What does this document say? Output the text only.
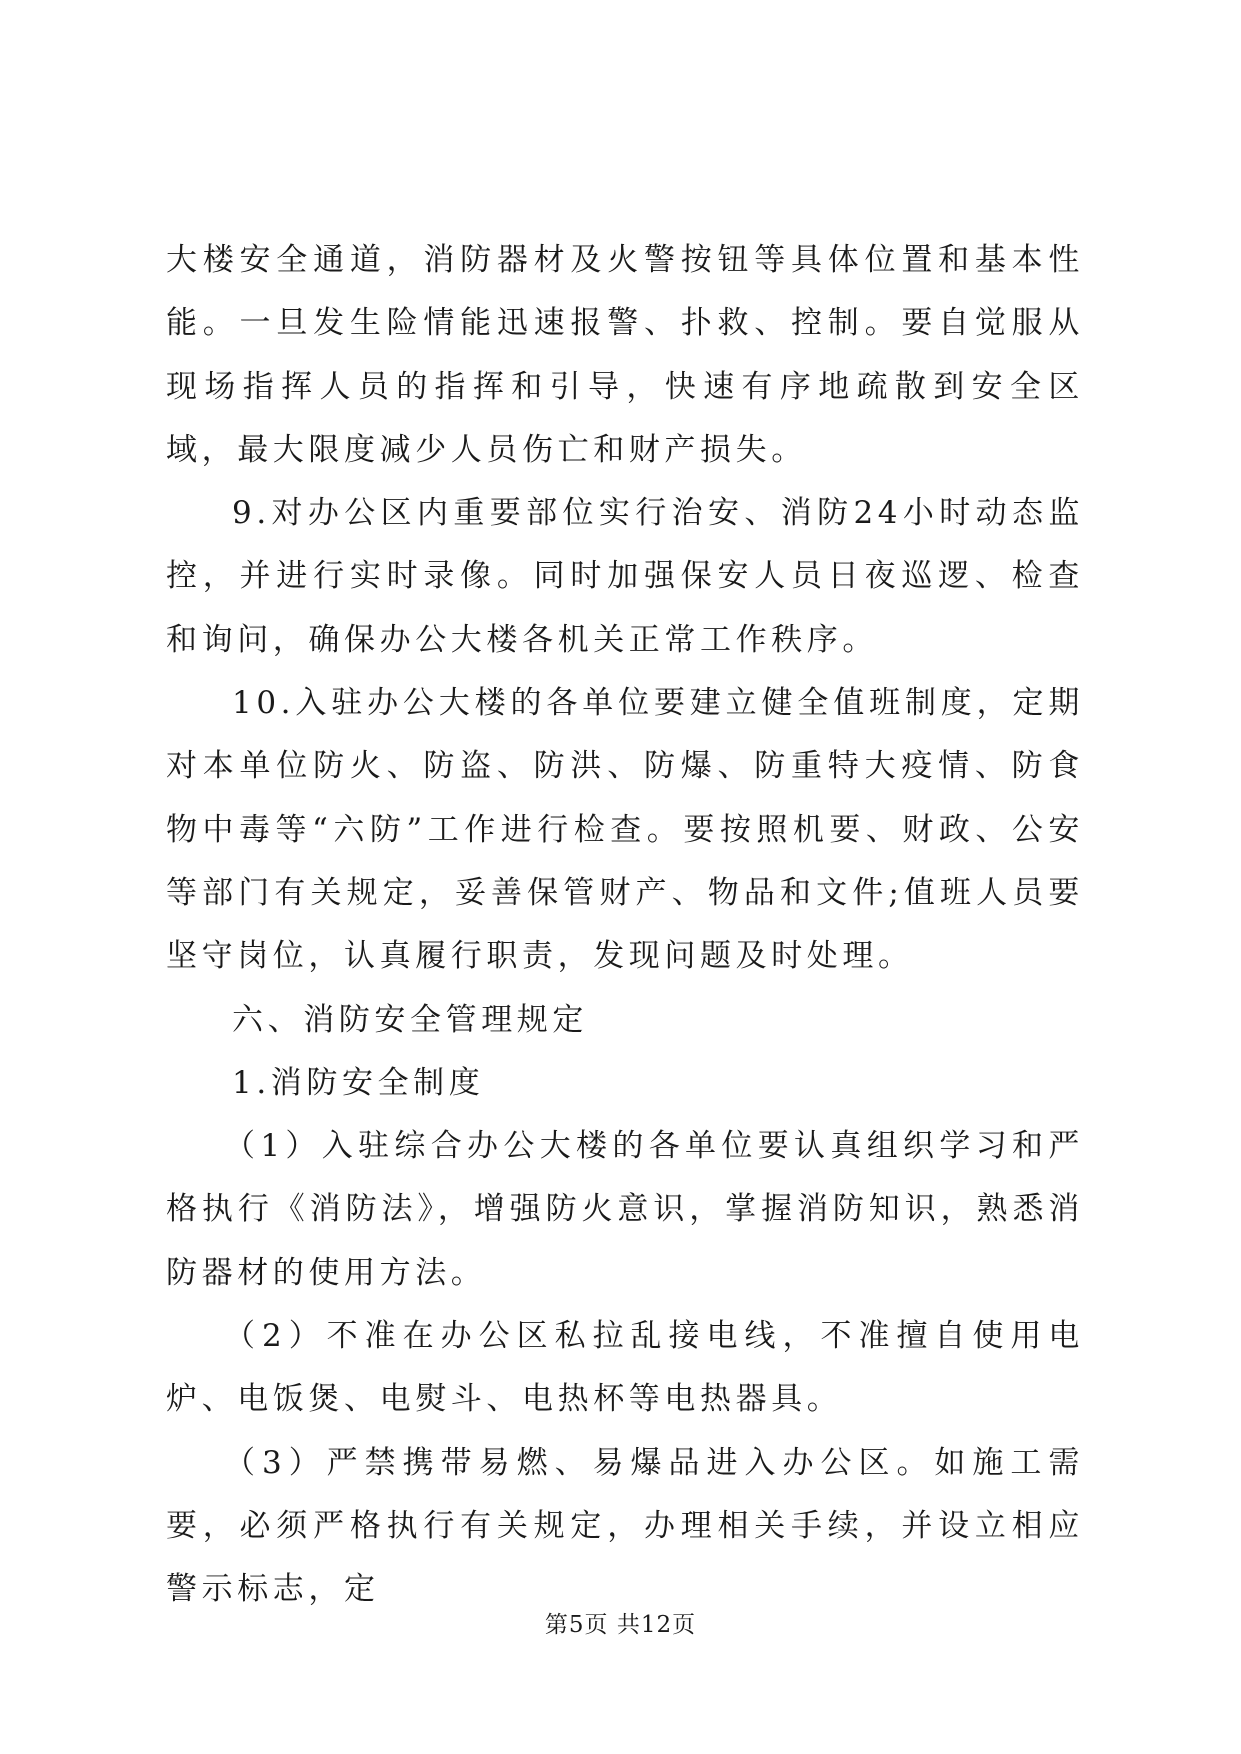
大楼安全通道，消防器材及火警按钮等具体位置和基本性能。一旦发生险情能迅速报警、扑救、控制。要自觉服从现场指挥人员的指挥和引导，快速有序地疏散到安全区域，最大限度减少人员伤亡和财产损失。

9.对办公区内重要部位实行治安、消防24小时动态监控，并进行实时录像。同时加强保安人员日夜巡逻、检查和询问，确保办公大楼各机关正常工作秩序。

10.入驻办公大楼的各单位要建立健全值班制度，定期对本单位防火、防盗、防洪、防爆、防重特大疫情、防食物中毒等“六防”工作进行检查。要按照机要、财政、公安等部门有关规定，妥善保管财产、物品和文件;值班人员要坚守岗位，认真履行职责，发现问题及时处理。

六、消防安全管理规定

1.消防安全制度

（1）入驻综合办公大楼的各单位要认真组织学习和严格执行《消防法》，增强防火意识，掌握消防知识，熟悉消防器材的使用方法。

（2）不准在办公区私拉乱接电线，不准擅自使用电炉、电饭煲、电熨斗、电热杯等电热器具。

（3）严禁携带易燃、易爆品进入办公区。如施工需要，必须严格执行有关规定，办理相关手续，并设立相应警示标志，定

第5页 共12页
